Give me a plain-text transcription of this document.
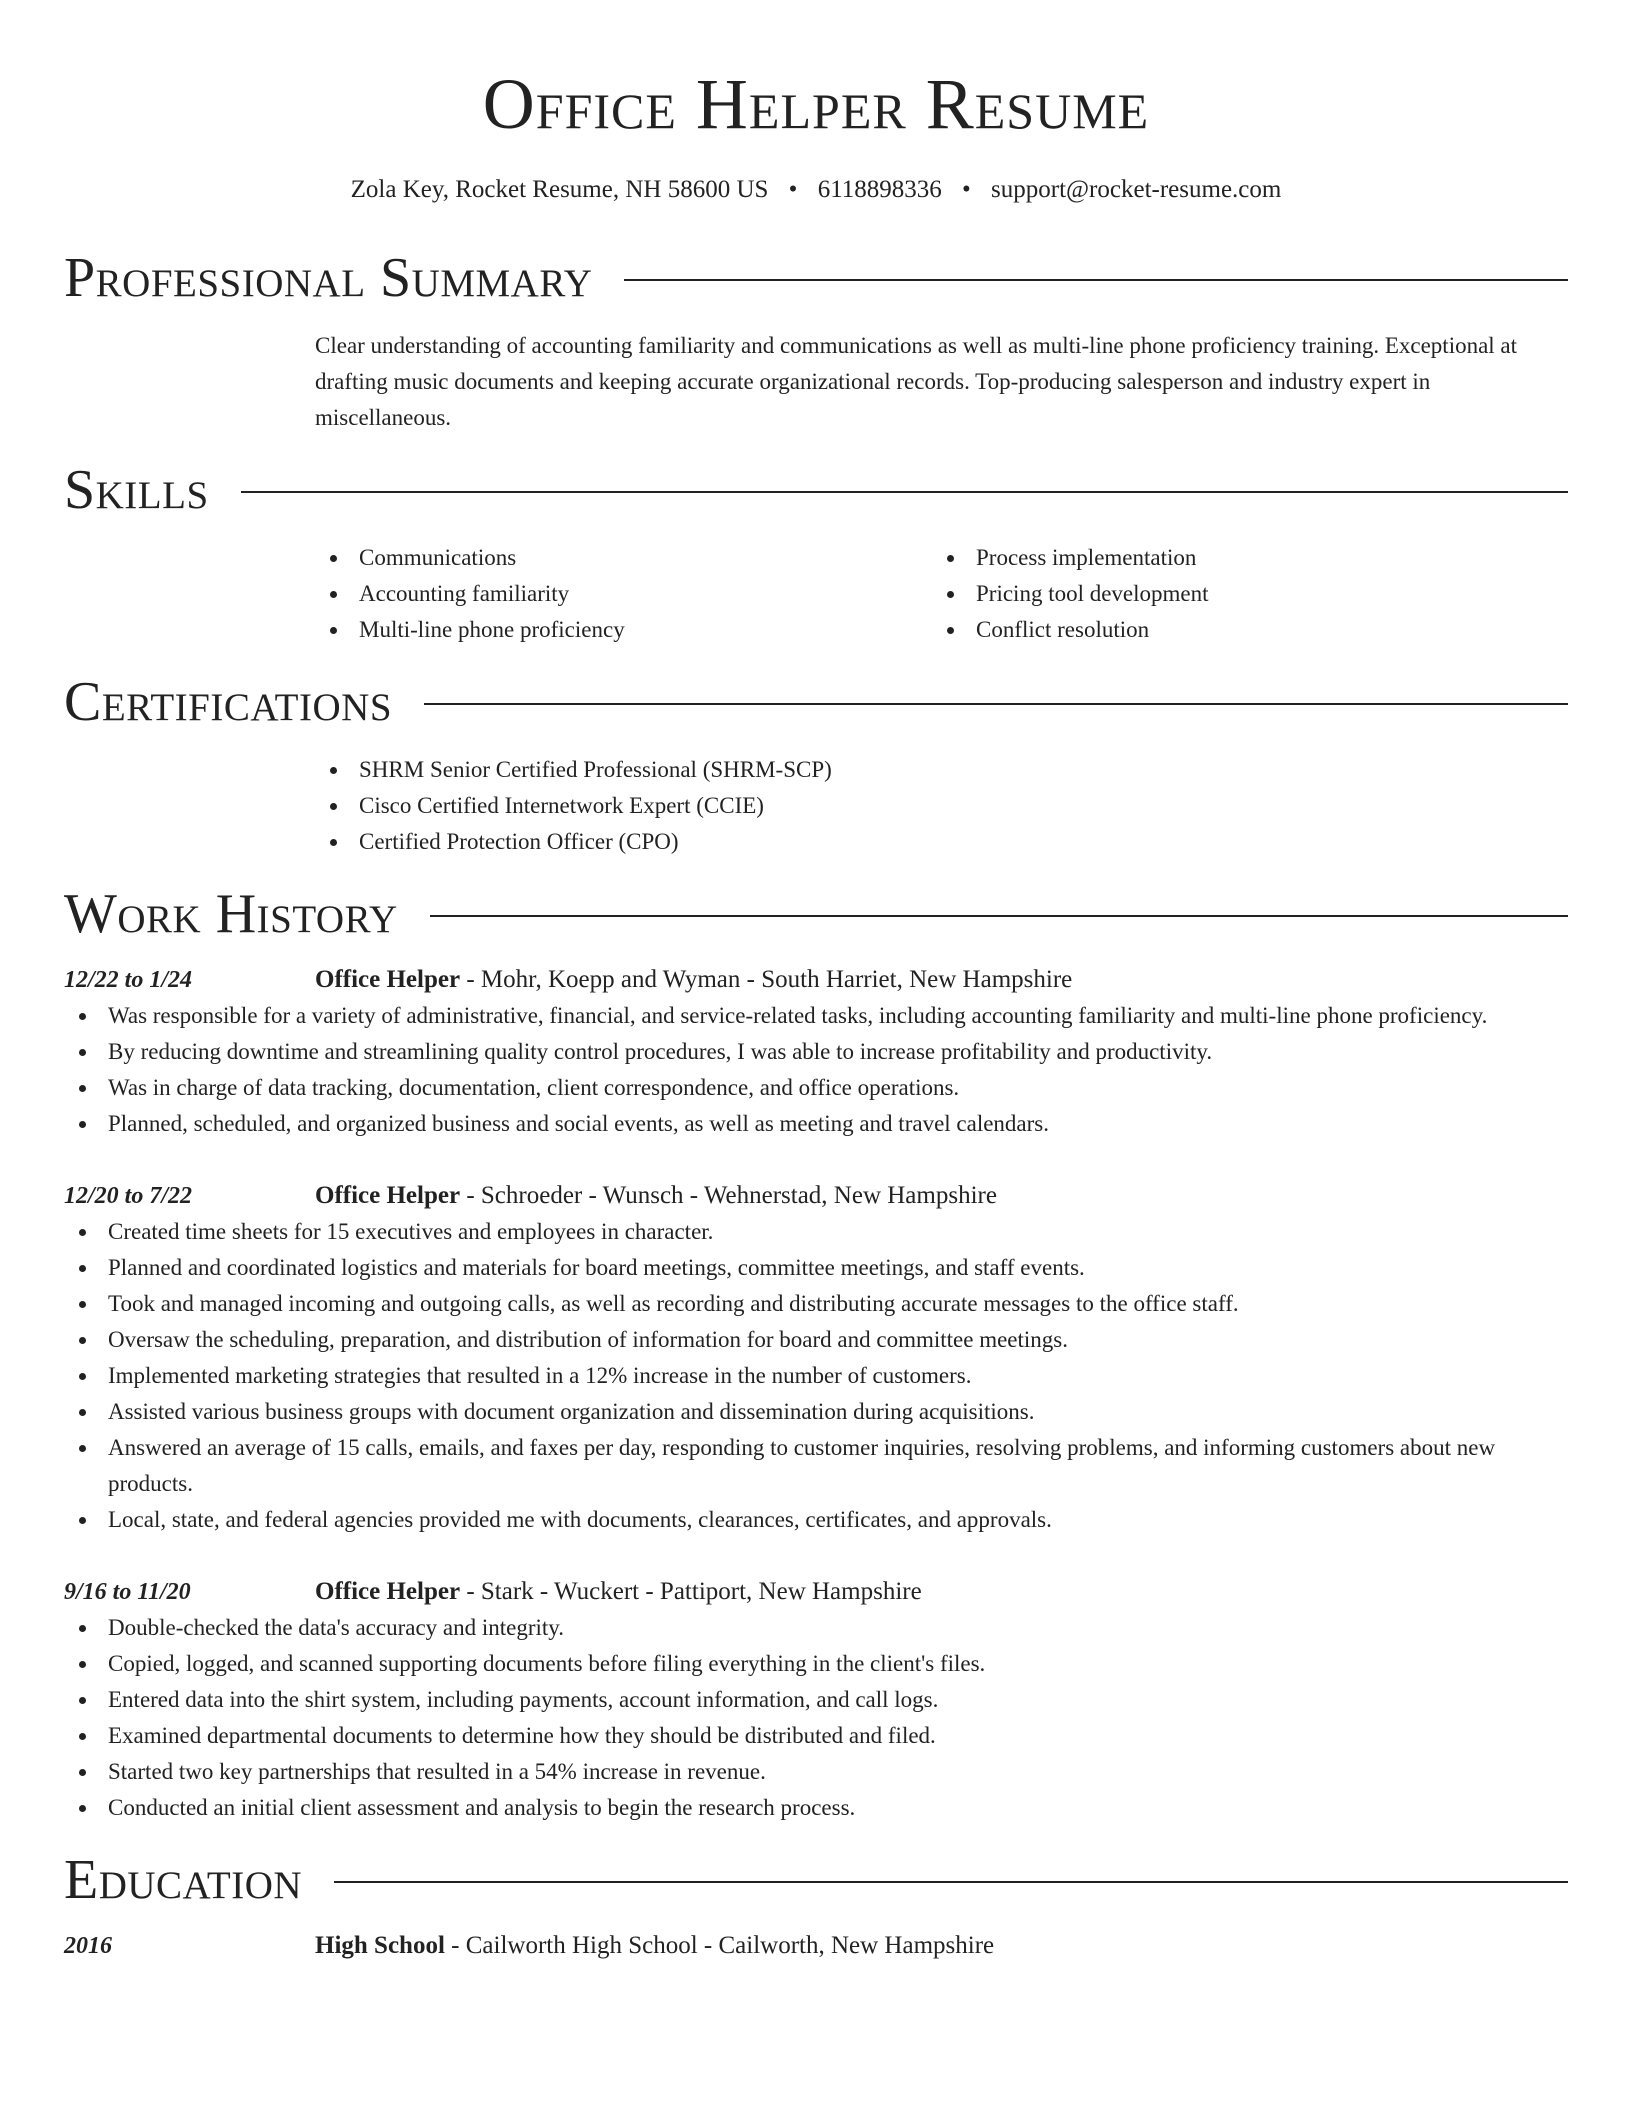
Office Helper Resume
Zola Key, Rocket Resume, NH 58600 US • 6118898336 • support@rocket-resume.com
Professional Summary

Clear understanding of accounting familiarity and communications as well as multi-line phone proficiency training. Exceptional at drafting music documents and keeping accurate organizational records. Top-producing salesperson and industry expert in miscellaneous.

Skills
Communications
Accounting familiarity
Multi-line phone proficiency
Process implementation
Pricing tool development
Conflict resolution
Certifications
SHRM Senior Certified Professional (SHRM-SCP)
Cisco Certified Internetwork Expert (CCIE)
Certified Protection Officer (CPO)
Work History
12/22 to 1/24	Office Helper - Mohr, Koepp and Wyman - South Harriet, New Hampshire
Was responsible for a variety of administrative, financial, and service-related tasks, including accounting familiarity and multi-line phone proficiency.
By reducing downtime and streamlining quality control procedures, I was able to increase profitability and productivity.
Was in charge of data tracking, documentation, client correspondence, and office operations.
Planned, scheduled, and organized business and social events, as well as meeting and travel calendars.
12/20 to 7/22	Office Helper - Schroeder - Wunsch - Wehnerstad, New Hampshire
Created time sheets for 15 executives and employees in character.
Planned and coordinated logistics and materials for board meetings, committee meetings, and staff events.
Took and managed incoming and outgoing calls, as well as recording and distributing accurate messages to the office staff.
Oversaw the scheduling, preparation, and distribution of information for board and committee meetings.
Implemented marketing strategies that resulted in a 12% increase in the number of customers.
Assisted various business groups with document organization and dissemination during acquisitions.
Answered an average of 15 calls, emails, and faxes per day, responding to customer inquiries, resolving problems, and informing customers about new products.
Local, state, and federal agencies provided me with documents, clearances, certificates, and approvals.
9/16 to 11/20	Office Helper - Stark - Wuckert - Pattiport, New Hampshire
Double-checked the data's accuracy and integrity.
Copied, logged, and scanned supporting documents before filing everything in the client's files.
Entered data into the shirt system, including payments, account information, and call logs.
Examined departmental documents to determine how they should be distributed and filed.
Started two key partnerships that resulted in a 54% increase in revenue.
Conducted an initial client assessment and analysis to begin the research process.
Education
2016	High School - Cailworth High School - Cailworth, New Hampshire
